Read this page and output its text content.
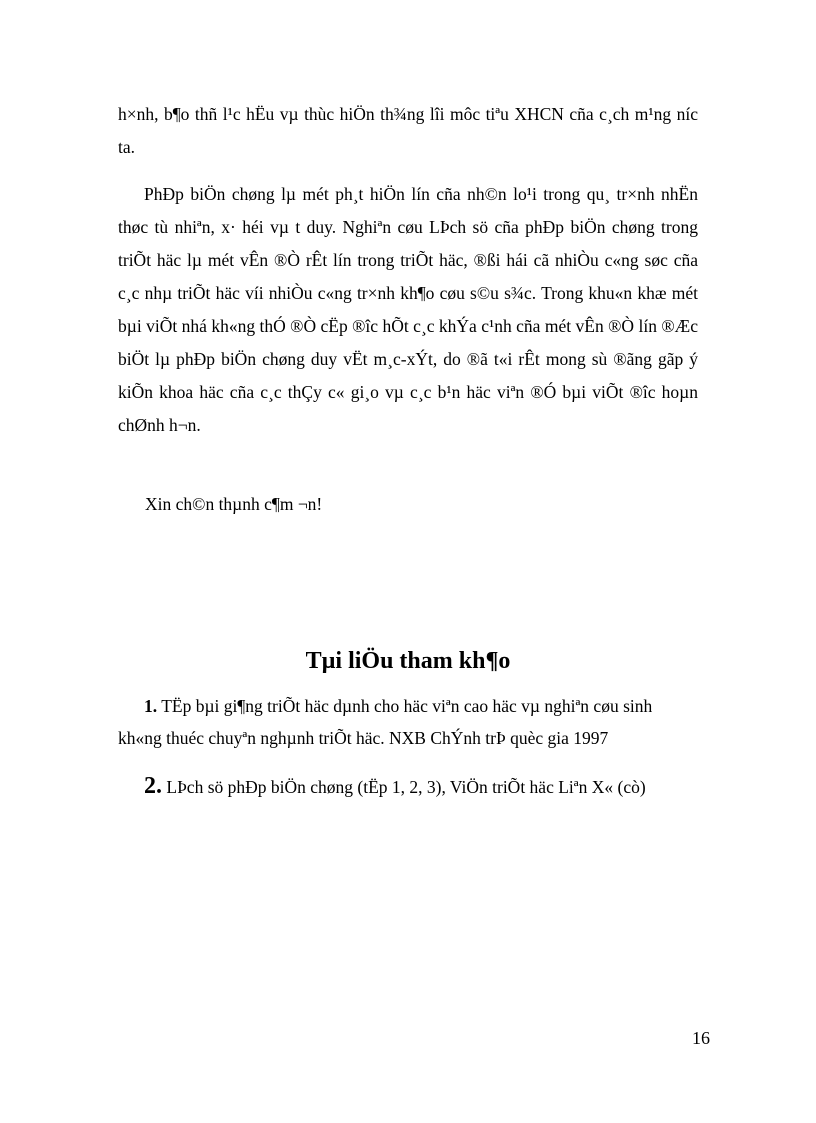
h×nh, b¶o thñ l¹c hËu vµ thùc hiÖn th¾ng lîi môc tiªu XHCN cña c¸ch m¹ng níc ta.

PhÐp biÖn chøng lµ mét ph¸t hiÖn lín cña nh©n lo¹i trong qu¸ tr×nh nhËn thøc tù nhiªn, x· héi vµ t duy. Nghiªn cøu LÞch sö cña phÐp biÖn chøng trong triÕt häc lµ mét vÊn ®Ò rÊt lín trong triÕt häc, ®ßi hái cã nhiÒu c«ng søc cña c¸c nhµ triÕt häc víi nhiÒu c«ng tr×nh kh¶o cøu s©u s¾c. Trong khu«n khæ mét bµi viÕt nhá kh«ng thÓ ®Ò cËp ®îc hÕt c¸c khÝa c¹nh cña mét vÊn ®Ò lín ®Æc biÖt lµ phÐp biÖn chøng duy vËt m¸c-xÝt, do ®ã t«i rÊt mong sù ®ãng gãp ý kiÕn khoa häc cña c¸c thÇy c« gi¸o vµ c¸c b¹n häc viªn ®Ó bµi viÕt ®îc hoµn chØnh h¬n.

Xin ch©n thµnh c¶m ¬n!

Tµi liÖu tham kh¶o

1. TËp bµi gi¶ng triÕt häc dµnh cho häc viªn cao häc vµ nghiªn cøu sinh kh«ng thuéc chuyªn nghµnh triÕt häc. NXB ChÝnh trÞ quèc gia 1997

2. LÞch sö phÐp biÖn chøng (tËp 1, 2, 3), ViÖn triÕt häc Liªn X« (cò)

16
